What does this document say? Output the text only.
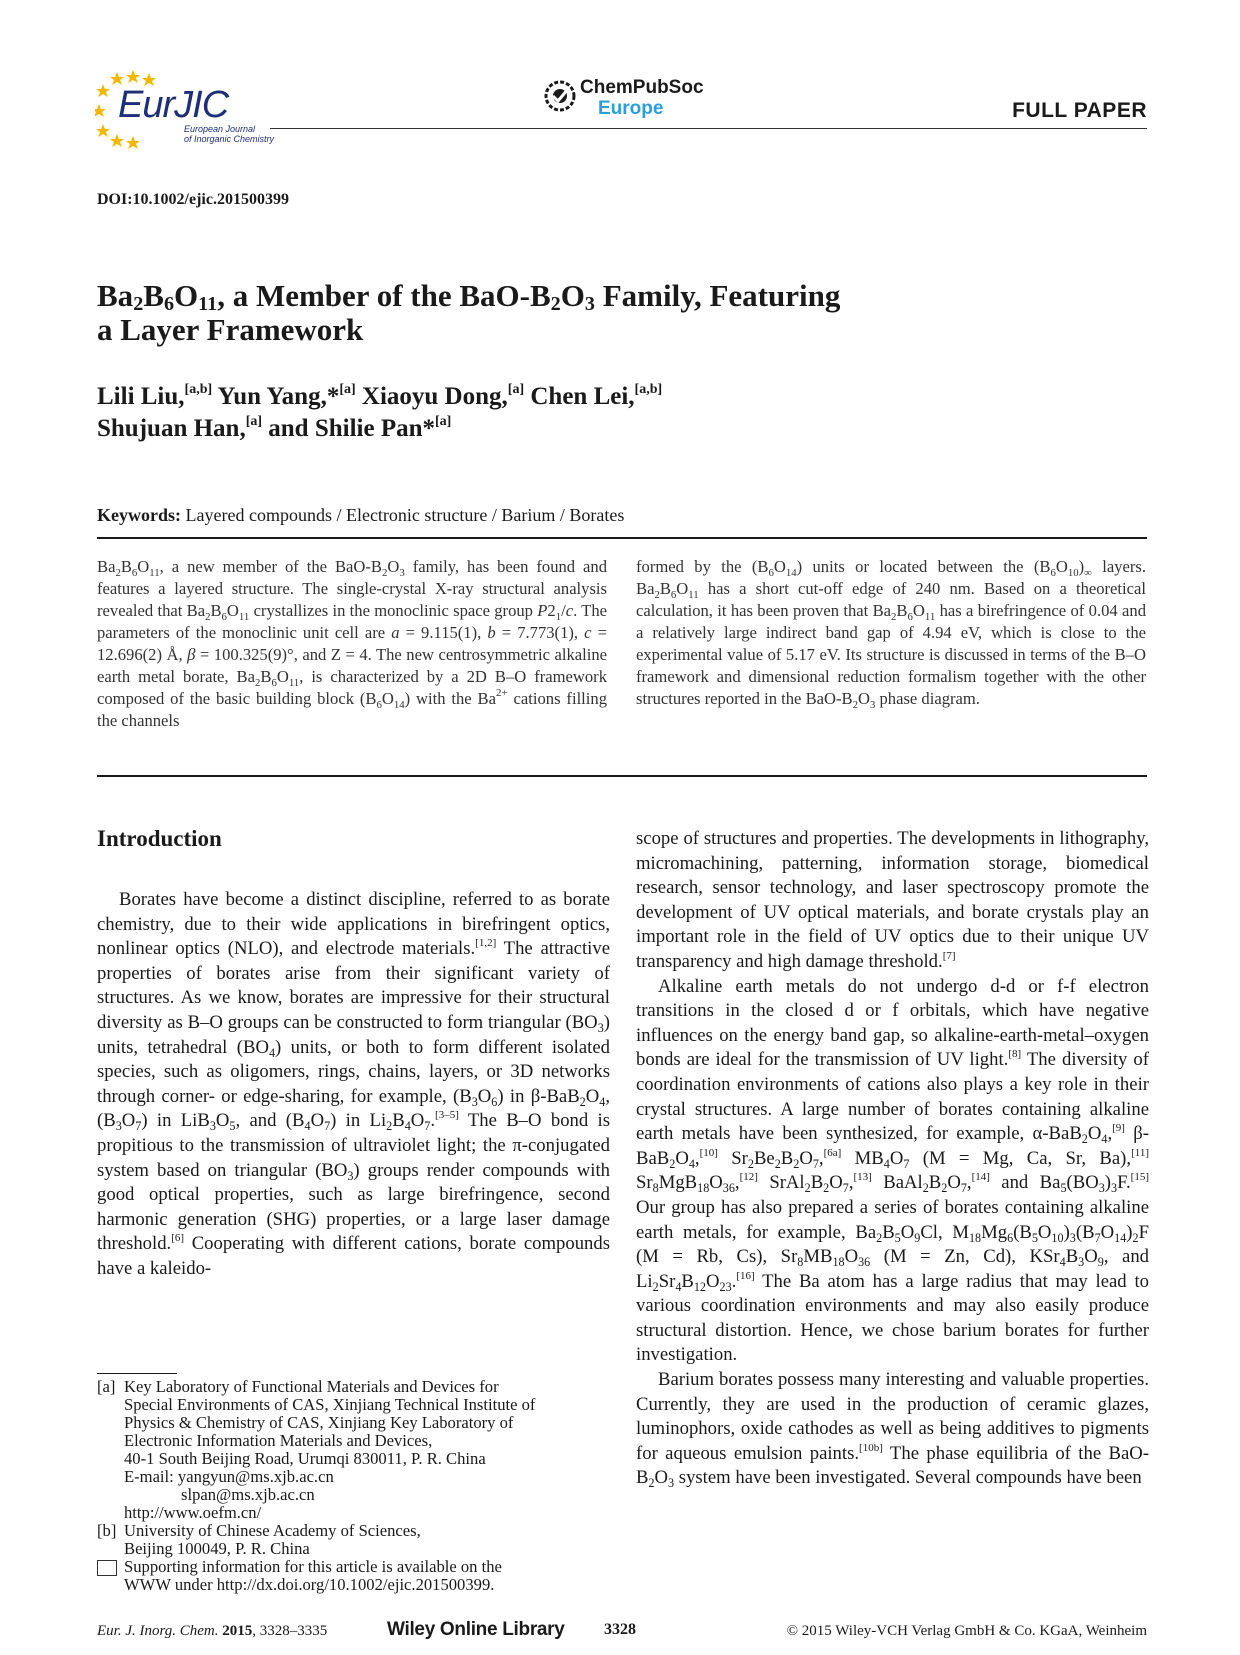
EurJIC
European Journal
of Inorganic Chemistry
ChemPubSoc
Europe	FULL PAPER
DOI:10.1002/ejic.201500399
$Ba_2B_6O_{11}$, a Member of the BaO-$B_2O_3$ Family, Featuring
a Layer Framework
Lili Liu,[a,b] Yun Yang,*[a] Xiaoyu Dong,[a] Chen Lei,[a,b]
Shujuan Han,[a] and Shilie Pan*[a]
Keywords: Layered compounds / Electronic structure / Barium / Borates
$Ba_2B_6O_{11}$, a new member of the BaO-$B_2O_3$ family, has been found and features a layered structure. The single-crystal X-ray structural analysis revealed that $Ba_2B_6O_{11}$ crystallizes in the monoclinic space group $P2_1/c$. The parameters of the monoclinic unit cell are a = 9.115(1), b = 7.773(1), c = 12.696(2) Å, β = 100.325(9)°, and Z = 4. The new centrosymmetric alkaline earth metal borate, $Ba_2B_6O_{11}$, is characterized by a 2D B–O framework composed of the basic building block $(B_6O_{14})$ with the $Ba^{2+}$ cations filling the channels
formed by the $(B_6O_{14})$ units or located between the $(B_6O_{10})_\infty$ layers. $Ba_2B_6O_{11}$ has a short cut-off edge of 240 nm. Based on a theoretical calculation, it has been proven that $Ba_2B_6O_{11}$ has a birefringence of 0.04 and a relatively large indirect band gap of 4.94 eV, which is close to the experimental value of 5.17 eV. Its structure is discussed in terms of the B–O framework and dimensional reduction formalism together with the other structures reported in the BaO-$B_2O_3$ phase diagram.
Introduction

Borates have become a distinct discipline, referred to as borate chemistry, due to their wide applications in birefringent optics, nonlinear optics (NLO), and electrode materials.[1,2] The attractive properties of borates arise from their significant variety of structures. As we know, borates are impressive for their structural diversity as B–O groups can be constructed to form triangular $(BO_3)$ units, tetrahedral $(BO_4)$ units, or both to form different isolated species, such as oligomers, rings, chains, layers, or 3D networks through corner- or edge-sharing, for example, $(B_3O_6)$ in $\beta-BaB_2O_4$, $(B_3O_7)$ in $LiB_3O_5$, and $(B_4O_7)$ in $Li_2B_4O_7.[3-5]$ The B–O bond is propitious to the transmission of ultraviolet light; the π-conjugated system based on triangular $(BO_3)$ groups render compounds with good optical properties, such as large birefringence, second harmonic generation (SHG) properties, or a large laser damage threshold.[6] Cooperating with different cations, borate compounds have a kaleido-

scope of structures and properties. The developments in lithography, micromachining, patterning, information storage, biomedical research, sensor technology, and laser spectroscopy promote the development of UV optical materials, and borate crystals play an important role in the field of UV optics due to their unique UV transparency and high damage threshold.[7]

Alkaline earth metals do not undergo d-d or f-f electron transitions in the closed d or f orbitals, which have negative influences on the energy band gap, so alkaline-earth-metal–oxygen bonds are ideal for the transmission of UV light.[8] The diversity of coordination environments of cations also plays a key role in their crystal structures. A large number of borates containing alkaline earth metals have been synthesized, for example, $\alpha-BaB_2O_4,[9]$ $\beta-BaB_2O_4,[10]$ $Sr_2Be_2B_2O_7,[6a]$ $MB_4O_7$ (M = Mg, Ca, Sr, Ba),[11] $Sr_8MgB_{18}O_{36},[12]$ $SrAl_2B_2O_7,[13]$ $BaAl_2B_2O_7,[14]$ and $Ba_5(BO_3)_3F.[15]$ Our group has also prepared a series of borates containing alkaline earth metals, for example, $Ba_2B_5O_9Cl$, $M_{18}Mg_6(B_5O_{10})_3(B_7O_{14})_2F$ (M = Rb, Cs), $Sr_8MB_{18}O_{36}$ (M = Zn, Cd), $KSr_4B_3O_9$, and $Li_2Sr_4B_{12}O_{23}.[16]$ The Ba atom has a large radius that may lead to various coordination environments and may also easily produce structural distortion. Hence, we chose barium borates for further investigation.

Barium borates possess many interesting and valuable properties. Currently, they are used in the production of ceramic glazes, luminophors, oxide cathodes as well as being additives to pigments for aqueous emulsion paints.[10b] The phase equilibria of the BaO-$B_2O_3$ system have been investigated. Several compounds have been

[a] Key Laboratory of Functional Materials and Devices for
Special Environments of CAS, Xinjiang Technical Institute of
Physics & Chemistry of CAS, Xinjiang Key Laboratory of
Electronic Information Materials and Devices,
40-1 South Beijing Road, Urumqi 830011, P. R. China
E-mail: yangyun@ms.xjb.ac.cn
slpan@ms.xjb.ac.cn
http://www.oefm.cn/
[b] University of Chinese Academy of Sciences,
Beijing 100049, P. R. China
Supporting information for this article is available on the
WWW under http://dx.doi.org/10.1002/ejic.201500399.
Eur. J. Inorg. Chem. 2015, 3328–3335	Wiley Online Library 3328	© 2015 Wiley-VCH Verlag GmbH & Co. KGaA, Weinheim
